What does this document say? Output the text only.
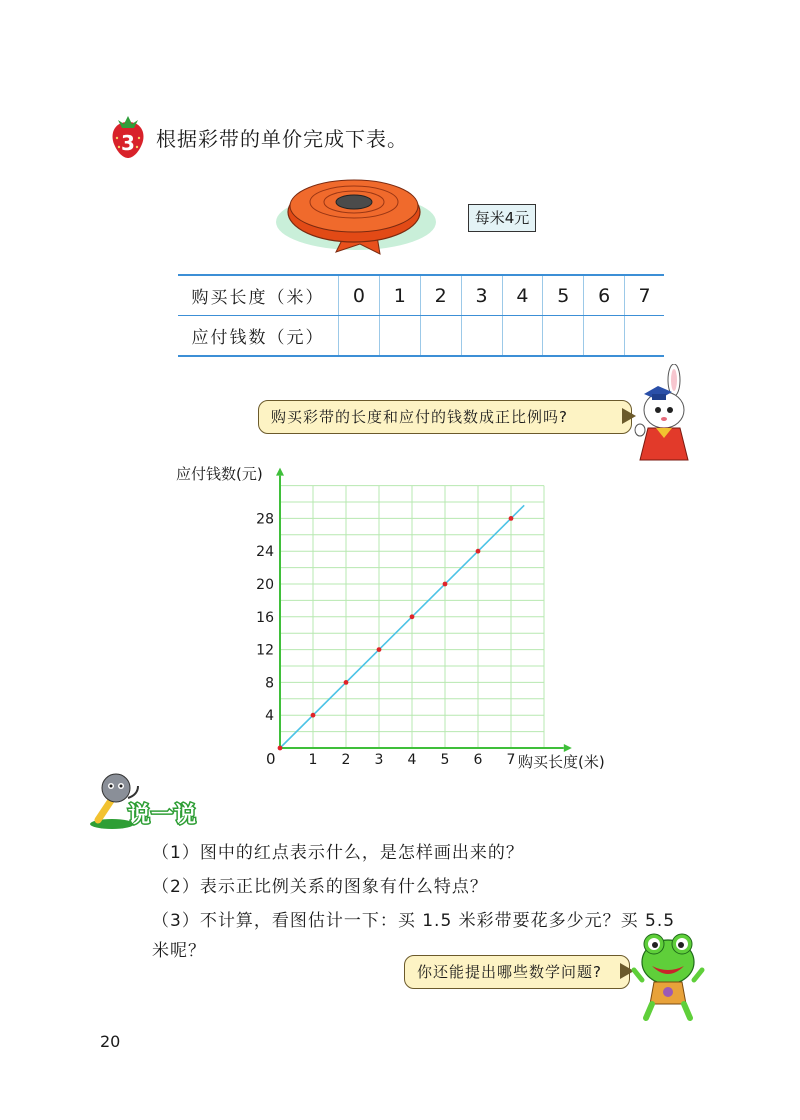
3 根据彩带的单价完成下表。
每米4元
购买长度（米）	0	1	2	3	4	5	6	7
应付钱数（元）								
购买彩带的长度和应付的钱数成正比例吗?
1 2 3 4 5 6 7
4
8
12
16
20
24
28
应付钱数(元)
购买长度(米)
0
说一说
（1）图中的红点表示什么，是怎样画出来的？
（2）表示正比例关系的图象有什么特点？
（3）不计算，看图估计一下：买 1.5 米彩带要花多少元？买 5.5 米呢？
你还能提出哪些数学问题?
20
